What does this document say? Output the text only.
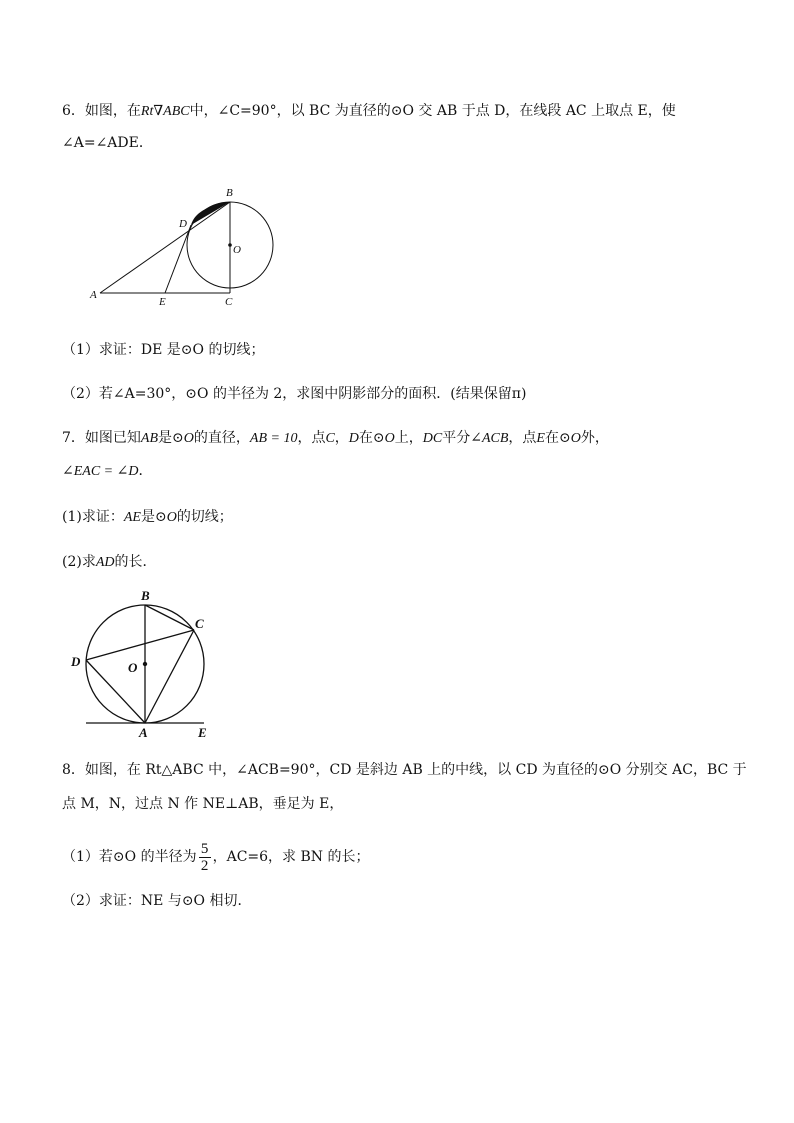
6．如图，在Rt∇ABC中，∠C=90°，以 BC 为直径的⊙O 交 AB 于点 D，在线段 AC 上取点 E，使
∠A=∠ADE．
B
D
O
A
E	C
（1）求证：DE 是⊙O 的切线；
（2）若∠A=30°，⊙O 的半径为 2，求图中阴影部分的面积．(结果保留π)
7．如图已知AB是⊙O的直径，AB = 10，点C，D在⊙O上，DC平分∠ACB，点E在⊙O外，
∠EAC = ∠D．
(1)求证：AE是⊙O的切线；
(2)求AD的长．
B
C
D	O
A	E
8．如图，在 Rt△ABC 中，∠ACB=90°，CD 是斜边 AB 上的中线，以 CD 为直径的⊙O 分别交 AC，BC 于
点 M，N，过点 N 作 NE⊥AB，垂足为 E，
（1）若⊙O 的半径为 $\frac{5}{2}$ ，AC=6，求 BN 的长；
（2）求证：NE 与⊙O 相切．
